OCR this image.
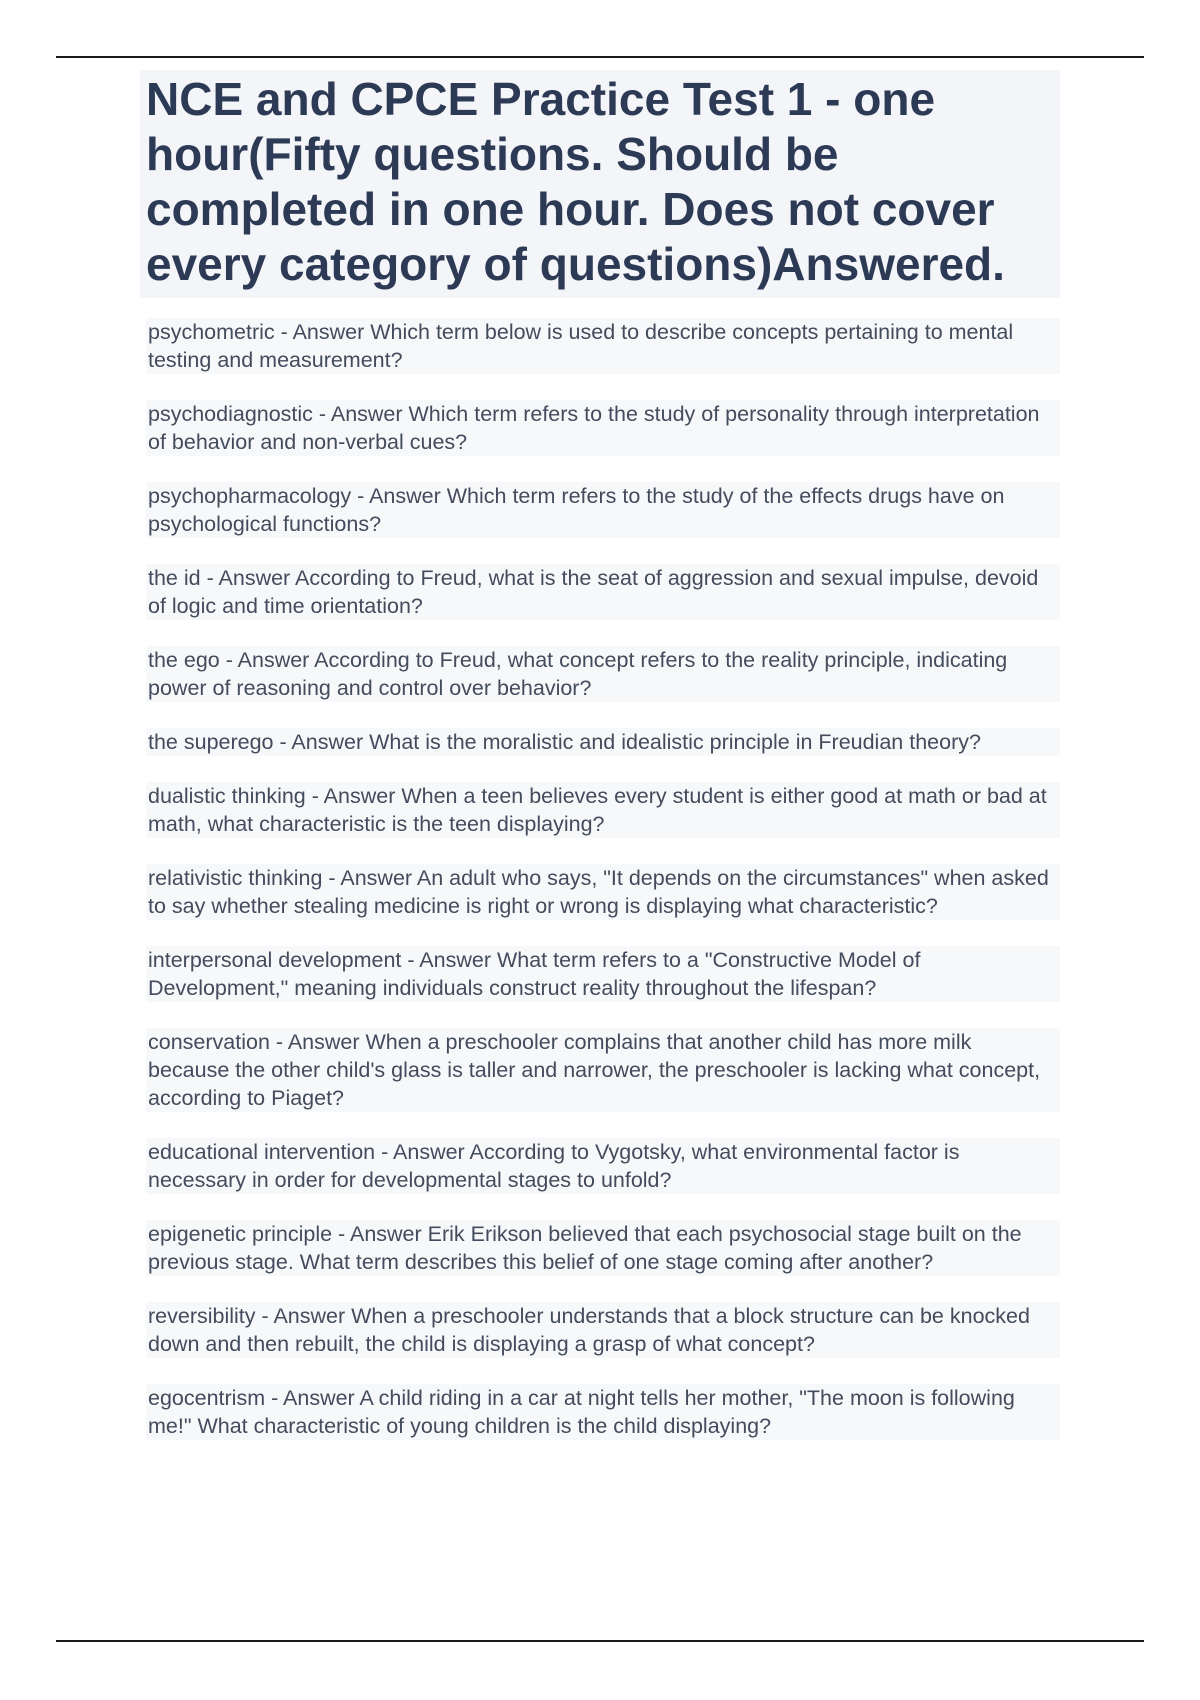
NCE and CPCE Practice Test 1 - one hour(Fifty questions. Should be completed in one hour. Does not cover every category of questions)Answered.
psychometric - Answer Which term below is used to describe concepts pertaining to mental testing and measurement?
psychodiagnostic - Answer Which term refers to the study of personality through interpretation of behavior and non-verbal cues?
psychopharmacology - Answer Which term refers to the study of the effects drugs have on psychological functions?
the id - Answer According to Freud, what is the seat of aggression and sexual impulse, devoid of logic and time orientation?
the ego - Answer According to Freud, what concept refers to the reality principle, indicating power of reasoning and control over behavior?
the superego - Answer What is the moralistic and idealistic principle in Freudian theory?
dualistic thinking - Answer When a teen believes every student is either good at math or bad at math, what characteristic is the teen displaying?
relativistic thinking - Answer An adult who says, "It depends on the circumstances" when asked to say whether stealing medicine is right or wrong is displaying what characteristic?
interpersonal development - Answer What term refers to a "Constructive Model of Development," meaning individuals construct reality throughout the lifespan?
conservation - Answer When a preschooler complains that another child has more milk because the other child's glass is taller and narrower, the preschooler is lacking what concept, according to Piaget?
educational intervention - Answer According to Vygotsky, what environmental factor is necessary in order for developmental stages to unfold?
epigenetic principle - Answer Erik Erikson believed that each psychosocial stage built on the previous stage. What term describes this belief of one stage coming after another?
reversibility - Answer When a preschooler understands that a block structure can be knocked down and then rebuilt, the child is displaying a grasp of what concept?
egocentrism - Answer A child riding in a car at night tells her mother, "The moon is following me!" What characteristic of young children is the child displaying?
